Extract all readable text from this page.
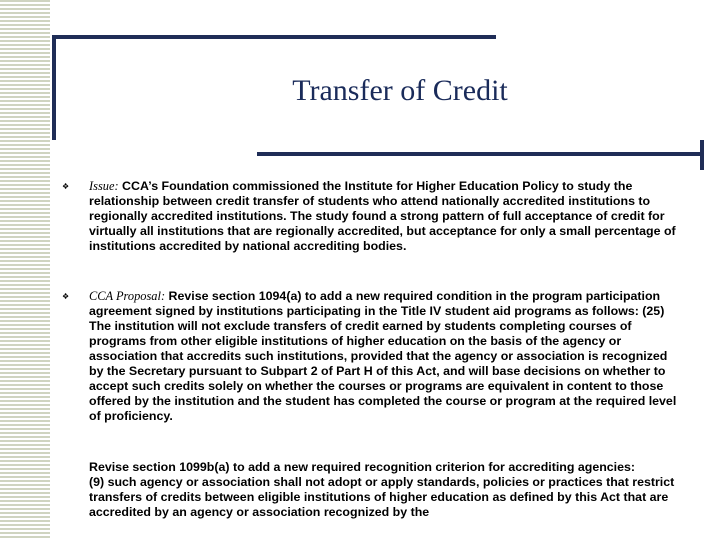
Transfer of Credit
❖ Issue: CCA’s Foundation commissioned the Institute for Higher Education Policy to study the relationship between credit transfer of students who attend nationally accredited institutions to regionally accredited institutions. The study found a strong pattern of full acceptance of credit for virtually all institutions that are regionally accredited, but acceptance for only a small percentage of institutions accredited by national accrediting bodies.
❖ CCA Proposal: Revise section 1094(a) to add a new required condition in the program participation agreement signed by institutions participating in the Title IV student aid programs as follows: (25) The institution will not exclude transfers of credit earned by students completing courses of programs from other eligible institutions of higher education on the basis of the agency or association that accredits such institutions, provided that the agency or association is recognized by the Secretary pursuant to Subpart 2 of Part H of this Act, and will base decisions on whether to accept such credits solely on whether the courses or programs are equivalent in content to those offered by the institution and the student has completed the course or program at the required level of proficiency.
Revise section 1099b(a) to add a new required recognition criterion for accrediting agencies:
(9) such agency or association shall not adopt or apply standards, policies or practices that restrict transfers of credits between eligible institutions of higher education as defined by this Act that are accredited by an agency or association recognized by the
